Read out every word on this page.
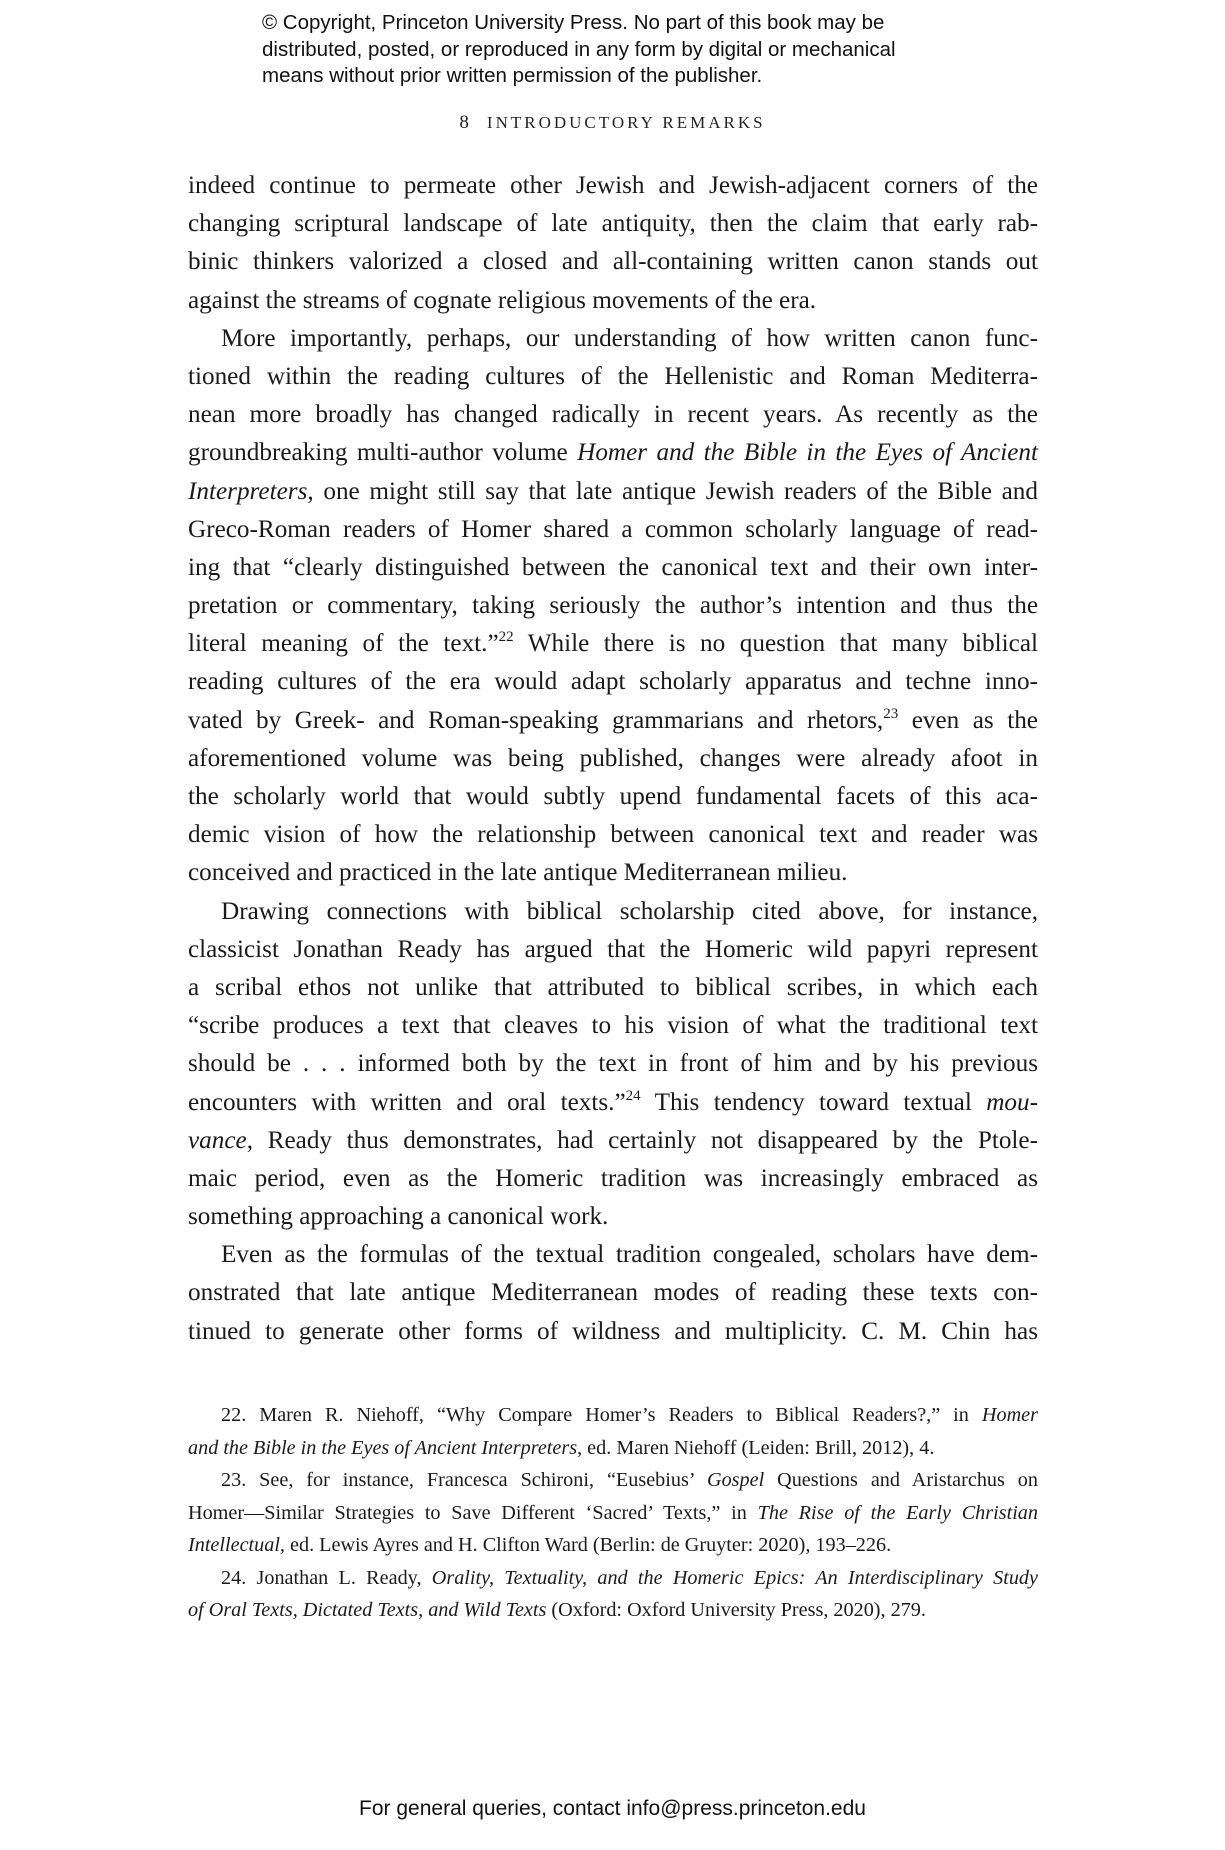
© Copyright, Princeton University Press. No part of this book may be
distributed, posted, or reproduced in any form by digital or mechanical
means without prior written permission of the publisher.
8 INTRODUCTORY REMARKS
indeed continue to permeate other Jewish and Jewish-adjacent corners of the
changing scriptural landscape of late antiquity, then the claim that early rab-
binic thinkers valorized a closed and all-containing written canon stands out
against the streams of cognate religious movements of the era.
More importantly, perhaps, our understanding of how written canon func-
tioned within the reading cultures of the Hellenistic and Roman Mediterra-
nean more broadly has changed radically in recent years. As recently as the
groundbreaking multi-author volume Homer and the Bible in the Eyes of Ancient
Interpreters, one might still say that late antique Jewish readers of the Bible and
Greco-Roman readers of Homer shared a common scholarly language of read-
ing that “clearly distinguished between the canonical text and their own inter-
pretation or commentary, taking seriously the author’s intention and thus the
literal meaning of the text.”$^{22}$ While there is no question that many biblical
reading cultures of the era would adapt scholarly apparatus and techne inno-
vated by Greek- and Roman-speaking grammarians and rhetors,$^{23}$ even as the
aforementioned volume was being published, changes were already afoot in
the scholarly world that would subtly upend fundamental facets of this aca-
demic vision of how the relationship between canonical text and reader was
conceived and practiced in the late antique Mediterranean milieu.
Drawing connections with biblical scholarship cited above, for instance,
classicist Jonathan Ready has argued that the Homeric wild papyri represent
a scribal ethos not unlike that attributed to biblical scribes, in which each
“scribe produces a text that cleaves to his vision of what the traditional text
should be . . . informed both by the text in front of him and by his previous
encounters with written and oral texts.”$^{24}$ This tendency toward textual mou-
vance, Ready thus demonstrates, had certainly not disappeared by the Ptole-
maic period, even as the Homeric tradition was increasingly embraced as
something approaching a canonical work.
Even as the formulas of the textual tradition congealed, scholars have dem-
onstrated that late antique Mediterranean modes of reading these texts con-
tinued to generate other forms of wildness and multiplicity. C. M. Chin has
22. Maren R. Niehoff, “Why Compare Homer’s Readers to Biblical Readers?,” in Homer
and the Bible in the Eyes of Ancient Interpreters, ed. Maren Niehoff (Leiden: Brill, 2012), 4.
23. See, for instance, Francesca Schironi, “Eusebius’ Gospel Questions and Aristarchus on
Homer—Similar Strategies to Save Different ‘Sacred’ Texts,” in The Rise of the Early Christian
Intellectual, ed. Lewis Ayres and H. Clifton Ward (Berlin: de Gruyter: 2020), 193–226.
24. Jonathan L. Ready, Orality, Textuality, and the Homeric Epics: An Interdisciplinary Study
of Oral Texts, Dictated Texts, and Wild Texts (Oxford: Oxford University Press, 2020), 279.
For general queries, contact info@press.princeton.edu
